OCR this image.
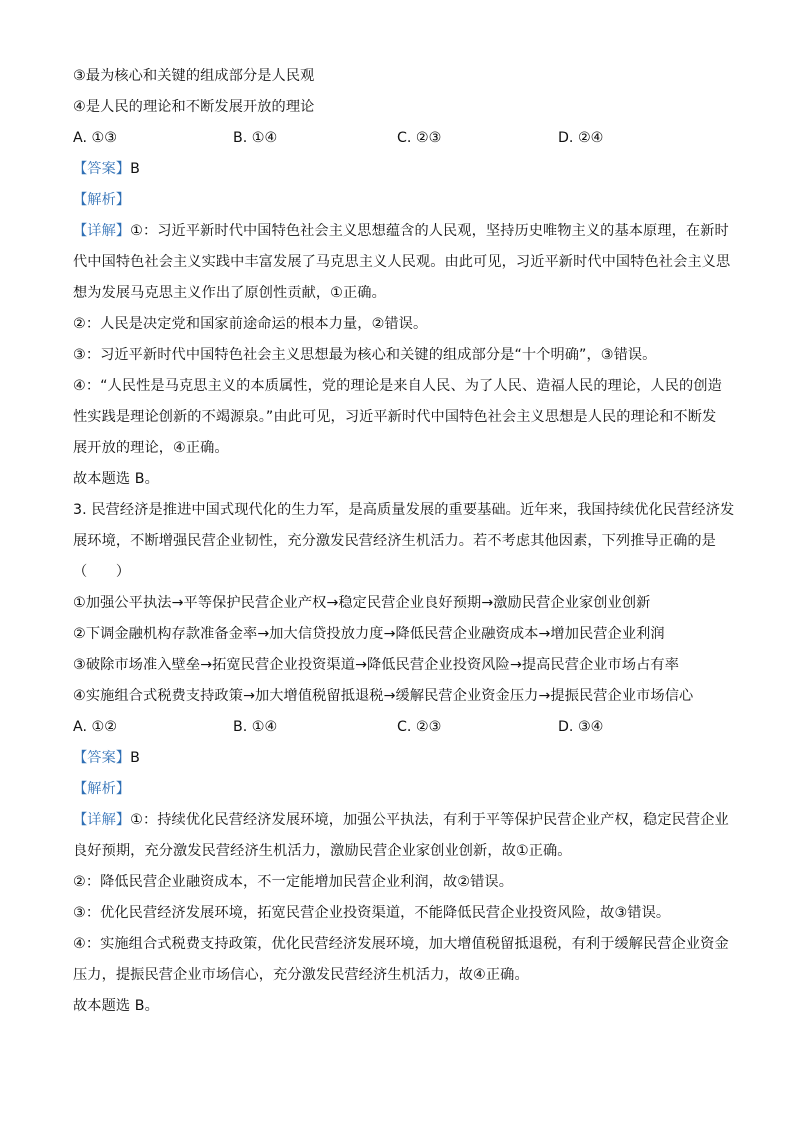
③最为核心和关键的组成部分是人民观
④是人民的理论和不断发展开放的理论
A. ①③	B. ①④	C. ②③	D. ②④
【答案】B
【解析】
【详解】①：习近平新时代中国特色社会主义思想蕴含的人民观，坚持历史唯物主义的基本原理，在新时
代中国特色社会主义实践中丰富发展了马克思主义人民观。由此可见，习近平新时代中国特色社会主义思
想为发展马克思主义作出了原创性贡献，①正确。
②：人民是决定党和国家前途命运的根本力量，②错误。
③：习近平新时代中国特色社会主义思想最为核心和关键的组成部分是“十个明确”，③错误。
④：“人民性是马克思主义的本质属性，党的理论是来自人民、为了人民、造福人民的理论，人民的创造
性实践是理论创新的不竭源泉。”由此可见，习近平新时代中国特色社会主义思想是人民的理论和不断发
展开放的理论，④正确。
故本题选 B。
3. 民营经济是推进中国式现代化的生力军，是高质量发展的重要基础。近年来，我国持续优化民营经济发
展环境，不断增强民营企业韧性，充分激发民营经济生机活力。若不考虑其他因素，下列推导正确的是
（　　）
①加强公平执法→平等保护民营企业产权→稳定民营企业良好预期→激励民营企业家创业创新
②下调金融机构存款准备金率→加大信贷投放力度→降低民营企业融资成本→增加民营企业利润
③破除市场准入壁垒→拓宽民营企业投资渠道→降低民营企业投资风险→提高民营企业市场占有率
④实施组合式税费支持政策→加大增值税留抵退税→缓解民营企业资金压力→提振民营企业市场信心
A. ①②	B. ①④	C. ②③	D. ③④
【答案】B
【解析】
【详解】①：持续优化民营经济发展环境，加强公平执法，有利于平等保护民营企业产权，稳定民营企业
良好预期，充分激发民营经济生机活力，激励民营企业家创业创新，故①正确。
②：降低民营企业融资成本，不一定能增加民营企业利润，故②错误。
③：优化民营经济发展环境，拓宽民营企业投资渠道，不能降低民营企业投资风险，故③错误。
④：实施组合式税费支持政策，优化民营经济发展环境，加大增值税留抵退税，有利于缓解民营企业资金
压力，提振民营企业市场信心，充分激发民营经济生机活力，故④正确。
故本题选 B。
